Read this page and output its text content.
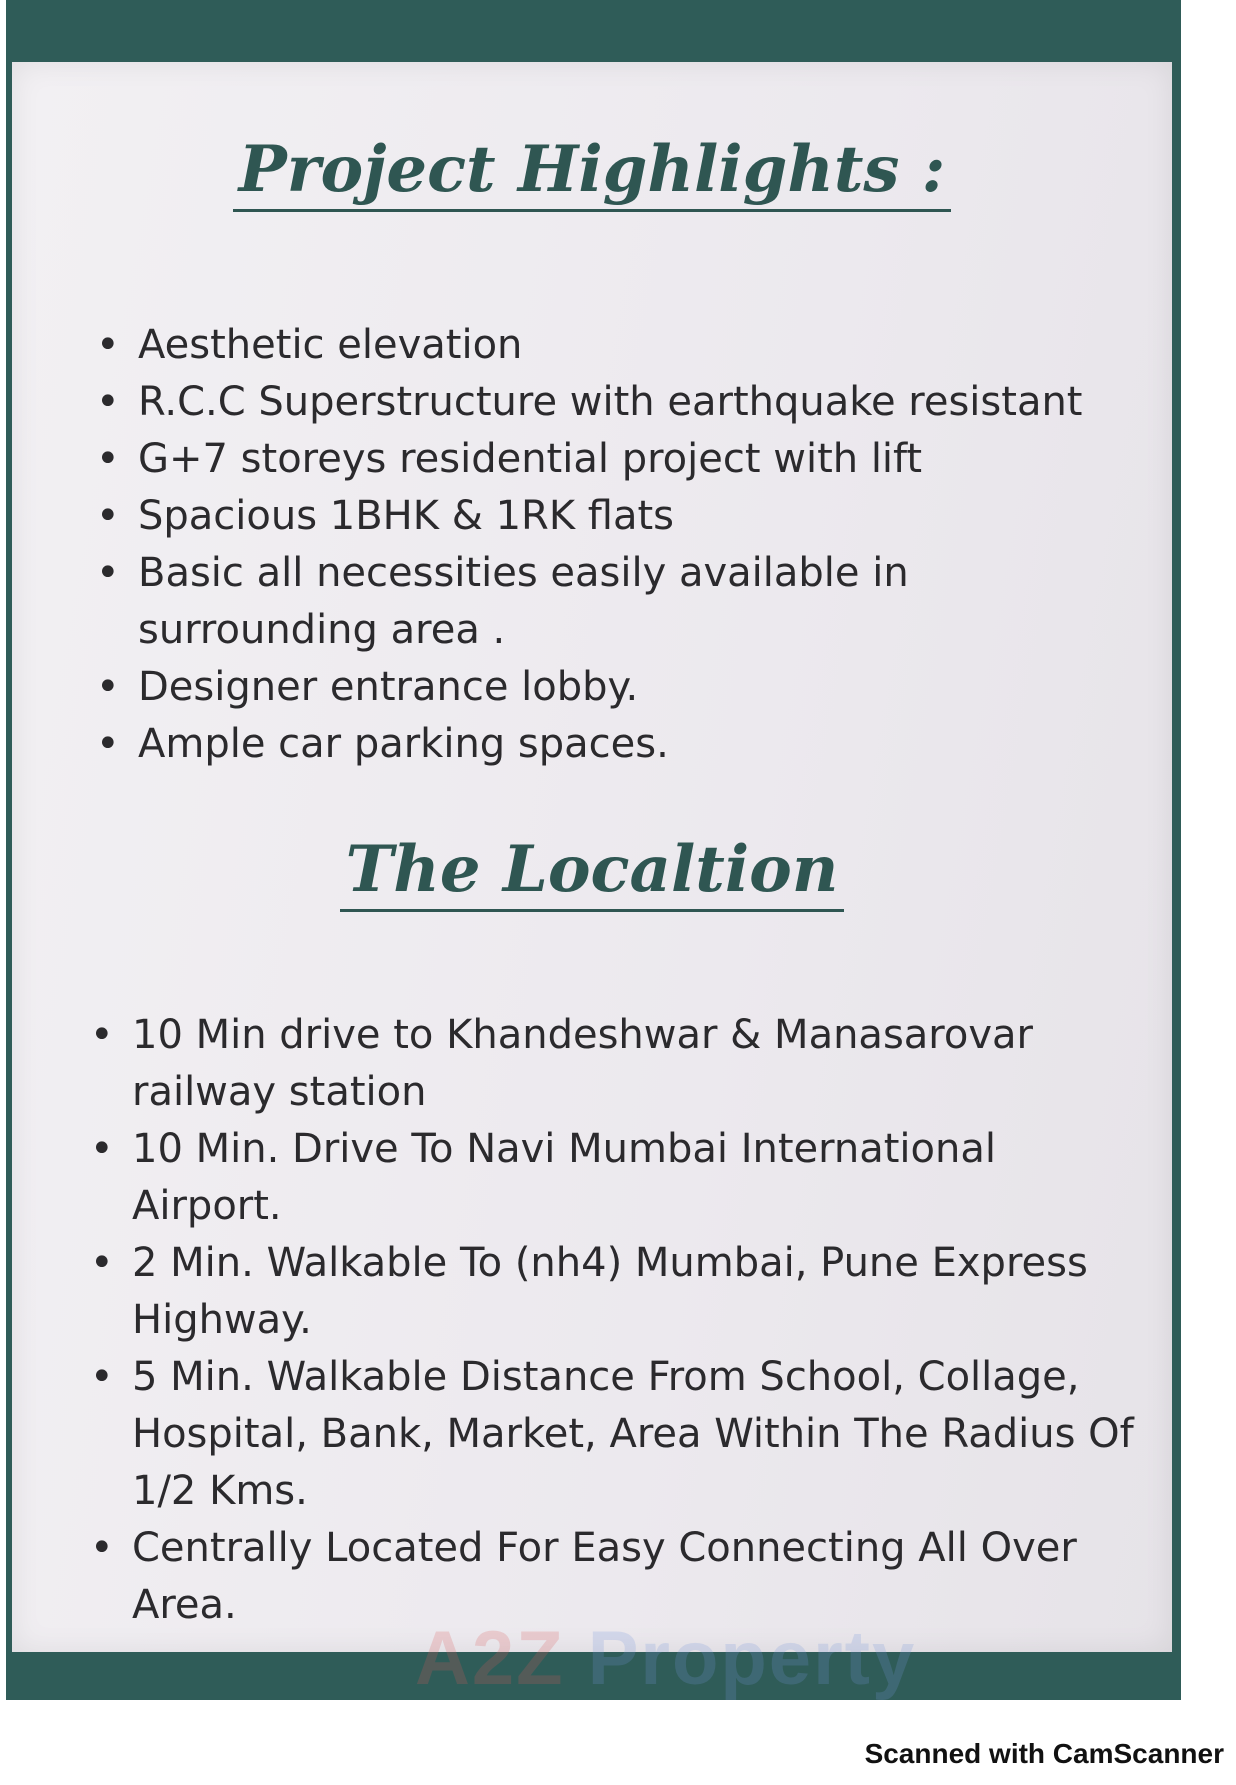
Project Highlights :
• Aesthetic elevation
• R.C.C Superstructure with earthquake resistant
• G+7 storeys residential project with lift
• Spacious 1BHK & 1RK flats
• Basic all necessities easily available in surrounding area .
• Designer entrance lobby.
• Ample car parking spaces.
The Localtion
• 10 Min drive to Khandeshwar & Manasarovar railway station
• 10 Min. Drive To Navi Mumbai International Airport.
• 2 Min. Walkable To (nh4) Mumbai, Pune Express Highway.
• 5 Min. Walkable Distance From School, Collage, Hospital, Bank, Market, Area Within The Radius Of 1/2 Kms.
• Centrally Located For Easy Connecting All Over Area.
A2Z Property
Scanned with CamScanner
